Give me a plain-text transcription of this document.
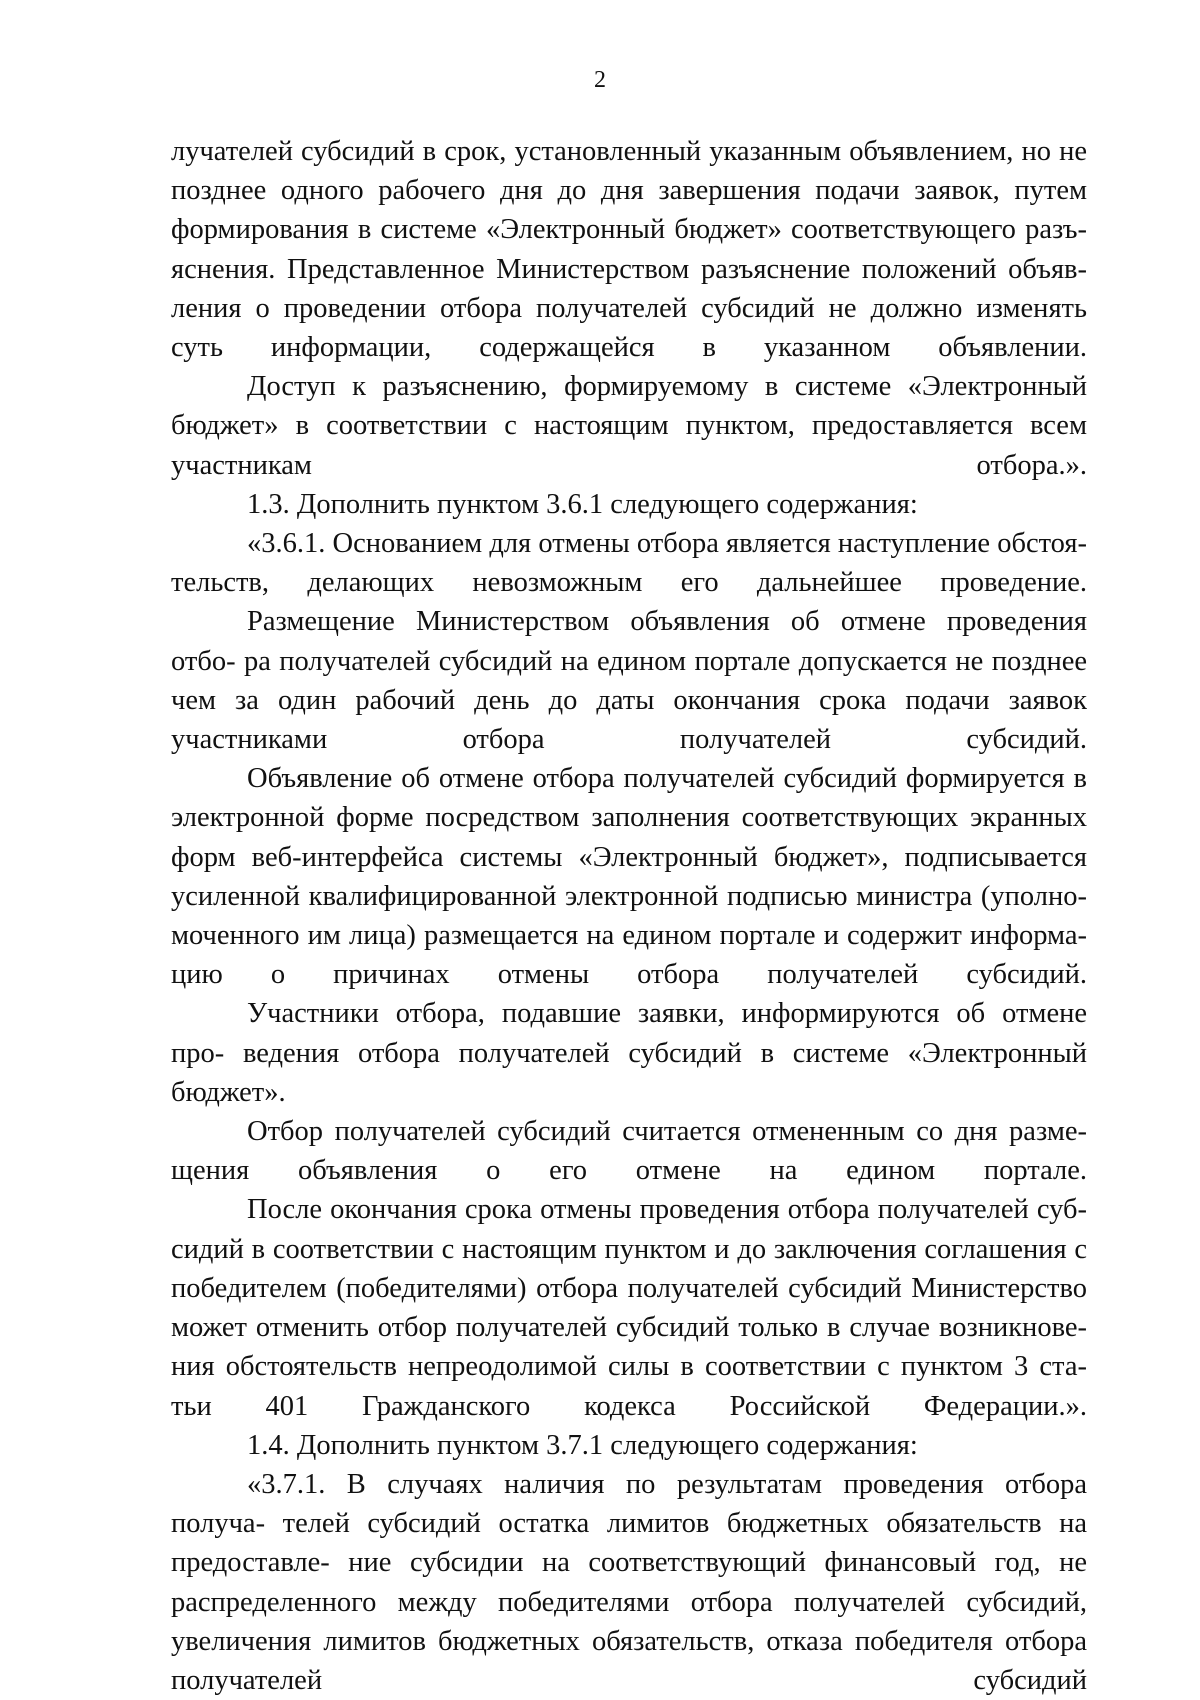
2

лучателей субсидий в срок, установленный указанным объявлением, но не позднее одного рабочего дня до дня завершения подачи заявок, путем формирования в системе «Электронный бюджет» соответствующего разъ- яснения. Представленное Министерством разъяснение положений объяв- ления о проведении отбора получателей субсидий не должно изменять суть информации, содержащейся в указанном объявлении.

Доступ к разъяснению, формируемому в системе «Электронный бюджет» в соответствии с настоящим пунктом, предоставляется всем участникам отбора.».

1.3. Дополнить пунктом 3.6.1 следующего содержания:

«3.6.1. Основанием для отмены отбора является наступление обстоя- тельств, делающих невозможным его дальнейшее проведение.

Размещение Министерством объявления об отмене проведения отбо- ра получателей субсидий на едином портале допускается не позднее чем за один рабочий день до даты окончания срока подачи заявок участниками	отбора получателей субсидий.

Объявление об отмене отбора получателей субсидий формируется в электронной форме посредством заполнения соответствующих экранных форм веб-интерфейса системы «Электронный бюджет», подписывается усиленной квалифицированной электронной подписью министра (уполно- моченного им лица) размещается на едином портале и содержит информа- цию о причинах отмены отбора получателей субсидий.

Участники отбора, подавшие заявки, информируются об отмене про- ведения отбора получателей субсидий в системе «Электронный бюджет».

Отбор получателей субсидий считается отмененным со дня разме- щения объявления о его отмене на едином портале.

После окончания срока отмены проведения отбора получателей суб- сидий в соответствии с настоящим пунктом и до заключения соглашения с победителем (победителями) отбора получателей субсидий Министерство может отменить отбор получателей субсидий только в случае возникнове- ния обстоятельств непреодолимой силы в соответствии с пунктом 3 ста- тьи 401 Гражданского кодекса Российской Федерации.».

1.4. Дополнить пунктом 3.7.1 следующего содержания:

«3.7.1. В случаях наличия по результатам проведения отбора получа- телей субсидий остатка лимитов бюджетных обязательств на предоставле- ние субсидии на соответствующий финансовый год, не распределенного между победителями отбора получателей субсидий, увеличения лимитов бюджетных обязательств, отказа победителя отбора получателей субсидий
